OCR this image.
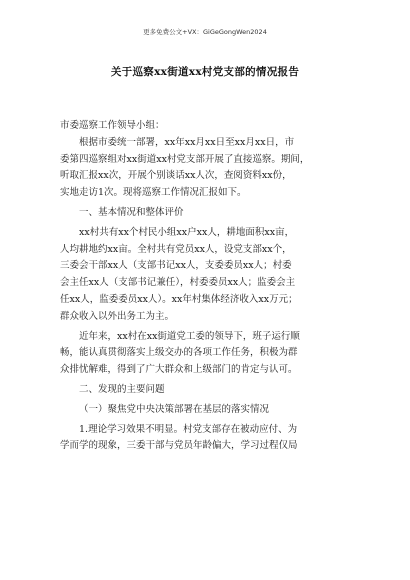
更多免费公文+VX：GiGeGongWen2024
关于巡察xx街道xx村党支部的情况报告
市委巡察工作领导小组：
根据市委统一部署，xx年xx月xx日至xx月xx日，市
委第四巡察组对xx街道xx村党支部开展了直接巡察。期间，
听取汇报xx次，开展个别谈话xx人次，查阅资料xx份，
实地走访1次。现将巡察工作情况汇报如下。
一、基本情况和整体评价
xx村共有xx个村民小组xx户xx人，耕地面积xx亩，
人均耕地约xx亩。全村共有党员xx人，设党支部xx个，
三委会干部xx人（支部书记xx人，支委委员xx人；村委
会主任xx人（支部书记兼任），村委委员xx人；监委会主
任xx人，监委委员xx人）。xx年村集体经济收入xx万元；
群众收入以外出务工为主。
近年来，xx村在xx街道党工委的领导下，班子运行顺
畅，能认真贯彻落实上级交办的各项工作任务，积极为群
众排忧解难，得到了广大群众和上级部门的肯定与认可。
二、发现的主要问题
（一）聚焦党中央决策部署在基层的落实情况
1.理论学习效果不明显。村党支部存在被动应付、为
学而学的现象，三委干部与党员年龄偏大，学习过程仅局
